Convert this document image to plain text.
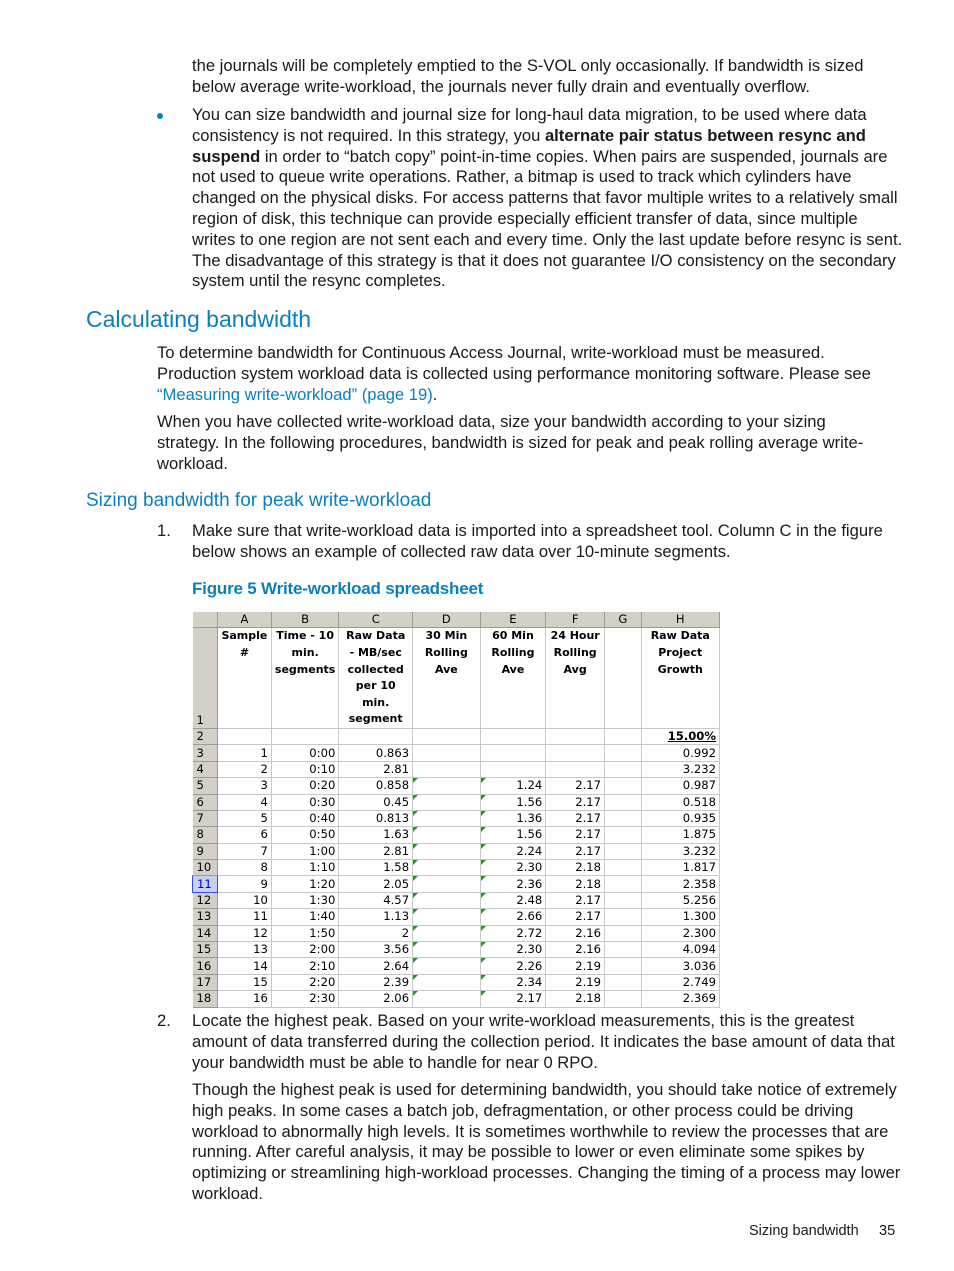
the journals will be completely emptied to the S-VOL only occasionally. If bandwidth is sized below average write-workload, the journals never fully drain and eventually overflow.

You can size bandwidth and journal size for long-haul data migration, to be used where data consistency is not required. In this strategy, you alternate pair status between resync and suspend in order to “batch copy” point-in-time copies. When pairs are suspended, journals are not used to queue write operations. Rather, a bitmap is used to track which cylinders have changed on the physical disks. For access patterns that favor multiple writes to a relatively small region of disk, this technique can provide especially efficient transfer of data, since multiple writes to one region are not sent each and every time. Only the last update before resync is sent. The disadvantage of this strategy is that it does not guarantee I/O consistency on the secondary system until the resync completes.

Calculating bandwidth

To determine bandwidth for Continuous Access Journal, write-workload must be measured. Production system workload data is collected using performance monitoring software. Please see “Measuring write-workload” (page 19).

When you have collected write-workload data, size your bandwidth according to your sizing strategy. In the following procedures, bandwidth is sized for peak and peak rolling average write-workload.

Sizing bandwidth for peak write-workload
1. Make sure that write-workload data is imported into a spreadsheet tool. Column C in the figure below shows an example of collected raw data over 10-minute segments.

Figure 5 Write-workload spreadsheet
	A	B	C	D	E	F	G	H
1	Sample #	Time - 10 min. segments	Raw Data - MB/sec collected per 10 min. segment	30 Min Rolling Ave	60 Min Rolling Ave	24 Hour Rolling Avg		Raw Data Project Growth
2								15.00%
3	1	0:00	0.863					0.992
4	2	0:10	2.81					3.232
5	3	0:20	0.858		1.24	2.17		0.987
6	4	0:30	0.45		1.56	2.17		0.518
7	5	0:40	0.813		1.36	2.17		0.935
8	6	0:50	1.63		1.56	2.17		1.875
9	7	1:00	2.81		2.24	2.17		3.232
10	8	1:10	1.58		2.30	2.18		1.817
11	9	1:20	2.05		2.36	2.18		2.358
12	10	1:30	4.57		2.48	2.17		5.256
13	11	1:40	1.13		2.66	2.17		1.300
14	12	1:50	2		2.72	2.16		2.300
15	13	2:00	3.56		2.30	2.16		4.094
16	14	2:10	2.64		2.26	2.19		3.036
17	15	2:20	2.39		2.34	2.19		2.749
18	16	2:30	2.06		2.17	2.18		2.369
2. Locate the highest peak. Based on your write-workload measurements, this is the greatest amount of data transferred during the collection period. It indicates the base amount of data that your bandwidth must be able to handle for near 0 RPO.

Though the highest peak is used for determining bandwidth, you should take notice of extremely high peaks. In some cases a batch job, defragmentation, or other process could be driving workload to abnormally high levels. It is sometimes worthwhile to review the processes that are running. After careful analysis, it may be possible to lower or even eliminate some spikes by optimizing or streamlining high-workload processes. Changing the timing of a process may lower workload.

Sizing bandwidth 35
